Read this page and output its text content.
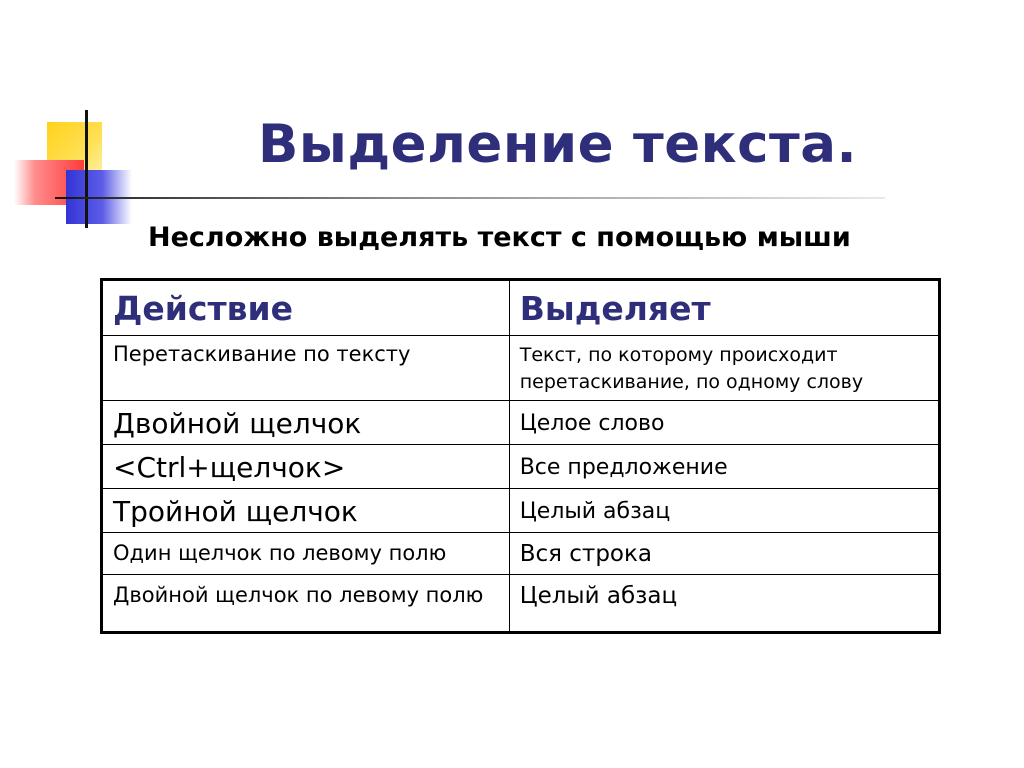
Выделение текста.

Несложно выделять текст с помощью мыши

Действие	Выделяет
Перетаскивание по тексту	Текст, по которому происходит перетаскивание, по одному слову
Двойной щелчок	Целое слово
<Ctrl+щелчок>	Все предложение
Тройной щелчок	Целый абзац
Один щелчок по левому полю	Вся строка
Двойной щелчок по левому полю	Целый абзац
